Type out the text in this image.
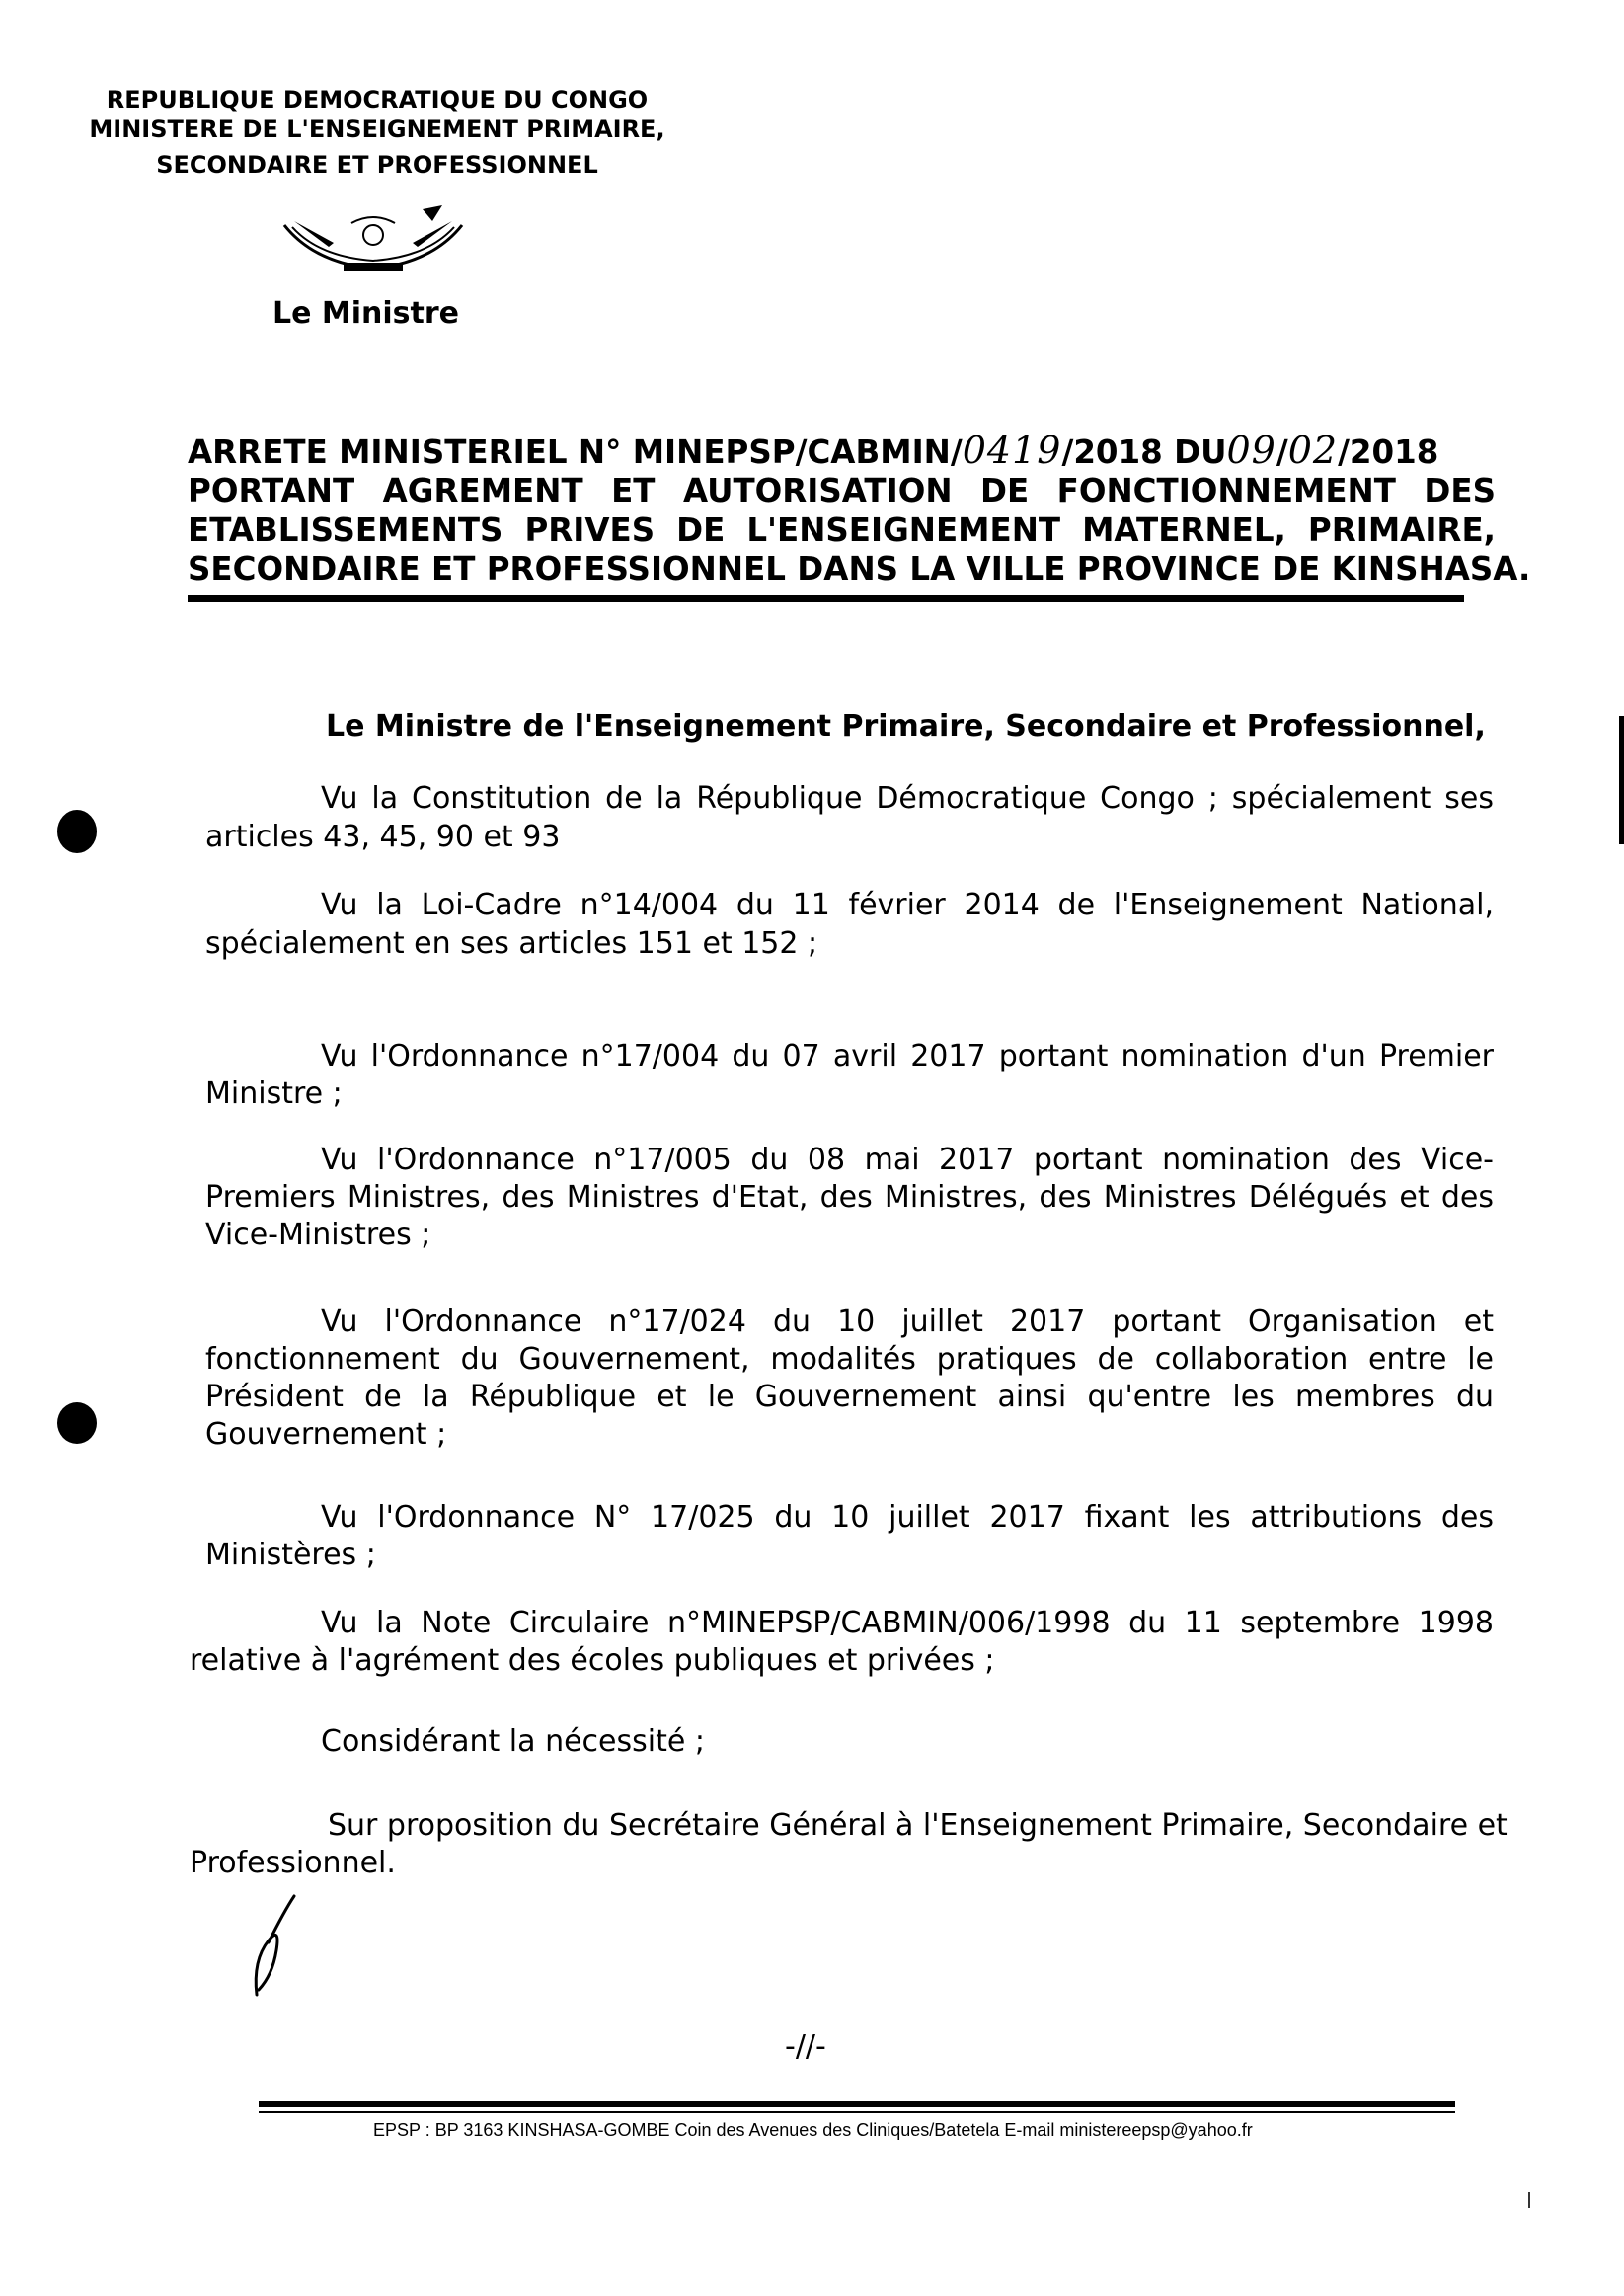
REPUBLIQUE DEMOCRATIQUE DU CONGO
MINISTERE DE L'ENSEIGNEMENT PRIMAIRE,
SECONDAIRE ET PROFESSIONNEL
Le Ministre
ARRETE MINISTERIEL N° MINEPSP/CABMIN/0419/2018 DU09/02/2018
PORTANT AGREMENT ET AUTORISATION DE FONCTIONNEMENT DES
ETABLISSEMENTS PRIVES DE L'ENSEIGNEMENT MATERNEL, PRIMAIRE,
SECONDAIRE ET PROFESSIONNEL DANS LA VILLE PROVINCE DE KINSHASA.
Le Ministre de l'Enseignement Primaire, Secondaire et Professionnel,
Vu la Constitution de la République Démocratique Congo ; spécialement ses
articles 43, 45, 90 et 93
Vu la Loi-Cadre n°14/004 du 11 février 2014 de l'Enseignement National,
spécialement en ses articles 151 et 152 ;
Vu l'Ordonnance n°17/004 du 07 avril 2017 portant nomination d'un Premier
Ministre ;
Vu l'Ordonnance n°17/005 du 08 mai 2017 portant nomination des Vice-
Premiers Ministres, des Ministres d'Etat, des Ministres, des Ministres Délégués et des
Vice-Ministres ;
Vu l'Ordonnance n°17/024 du 10 juillet 2017 portant Organisation et
fonctionnement du Gouvernement, modalités pratiques de collaboration entre le
Président de la République et le Gouvernement ainsi qu'entre les membres du
Gouvernement ;
Vu l'Ordonnance N° 17/025 du 10 juillet 2017 fixant les attributions des
Ministères ;
Vu la Note Circulaire n°MINEPSP/CABMIN/006/1998 du 11 septembre 1998
relative à l'agrément des écoles publiques et privées ;
Considérant la nécessité ;
Sur proposition du Secrétaire Général à l'Enseignement Primaire, Secondaire et
Professionnel.
-//-
EPSP : BP 3163 KINSHASA-GOMBE Coin des Avenues des Cliniques/Batetela E-mail ministereepsp@yahoo.fr
